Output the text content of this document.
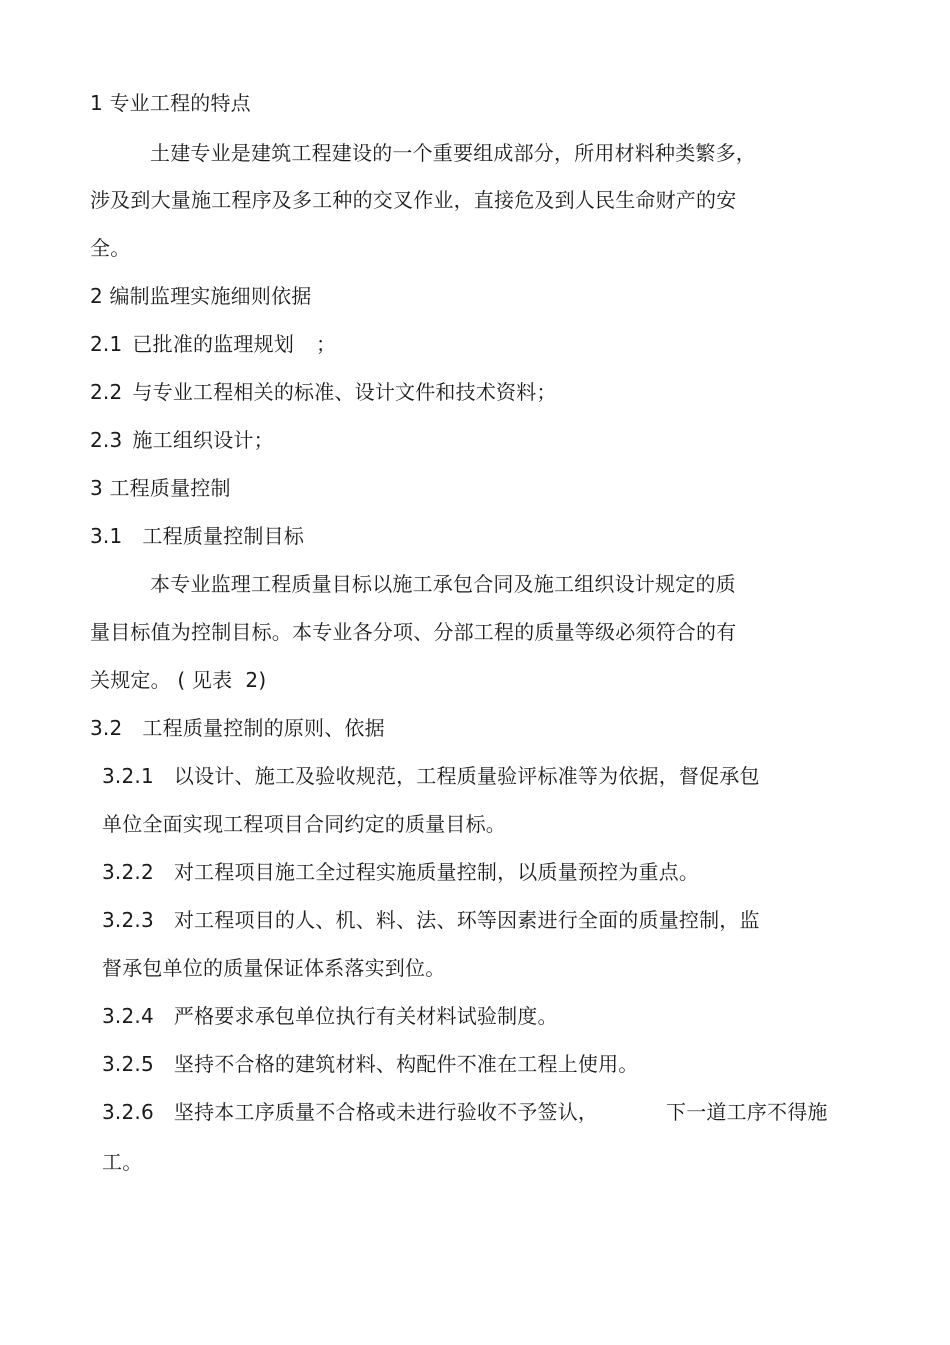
1 专业工程的特点
土建专业是建筑工程建设的一个重要组成部分，所用材料种类繁多，
涉及到大量施工程序及多工种的交叉作业，直接危及到人民生命财产的安
全。
2 编制监理实施细则依据
2.1 已批准的监理规划 ；
2.2 与专业工程相关的标准、设计文件和技术资料；
2.3 施工组织设计；
3 工程质量控制
3.1 工程质量控制目标
本专业监理工程质量目标以施工承包合同及施工组织设计规定的质
量目标值为控制目标。本专业各分项、分部工程的质量等级必须符合的有
关规定。 ( 见表  2)
3.2 工程质量控制的原则、依据
3.2.1 以设计、施工及验收规范，工程质量验评标准等为依据，督促承包
单位全面实现工程项目合同约定的质量目标。
3.2.2 对工程项目施工全过程实施质量控制，以质量预控为重点。
3.2.3 对工程项目的人、机、料、法、环等因素进行全面的质量控制，监
督承包单位的质量保证体系落实到位。
3.2.4 严格要求承包单位执行有关材料试验制度。
3.2.5 坚持不合格的建筑材料、构配件不准在工程上使用。
3.2.6 坚持本工序质量不合格或未进行验收不予签认，	下一道工序不得施
工。
